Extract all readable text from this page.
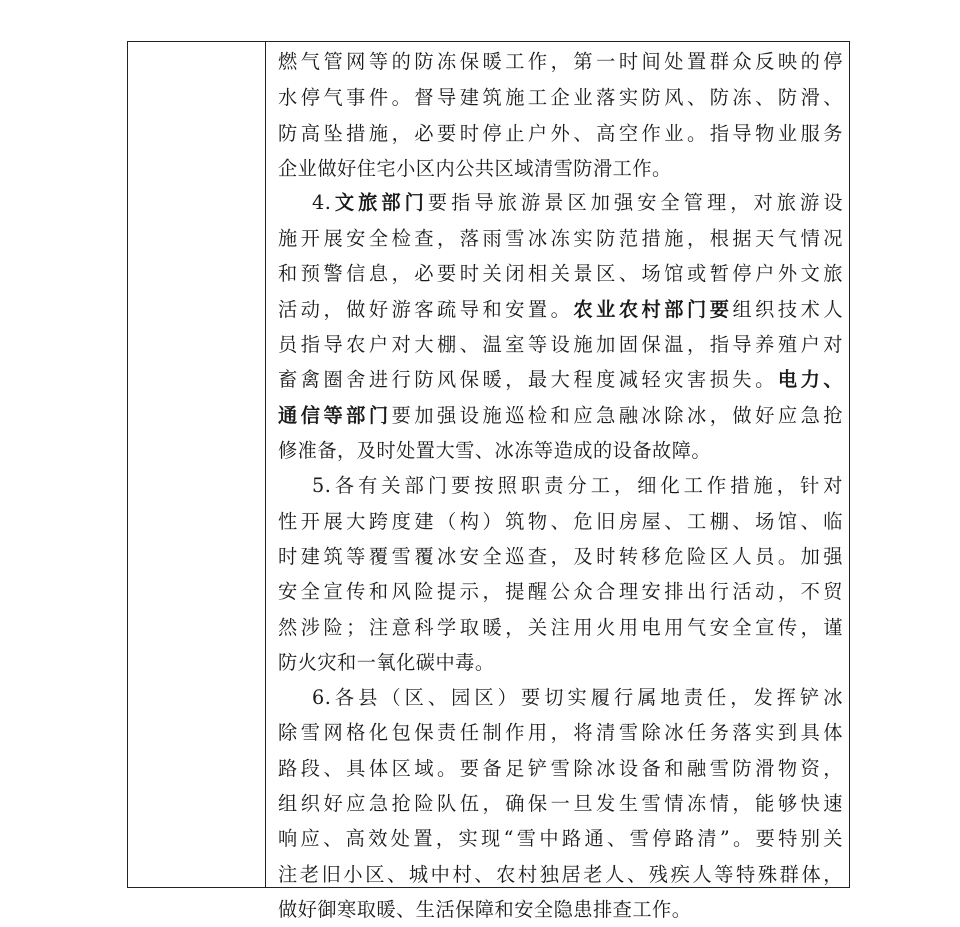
燃气管网等的防冻保暖工作，第一时间处置群众反映的停
水停气事件。督导建筑施工企业落实防风、防冻、防滑、
防高坠措施，必要时停止户外、高空作业。指导物业服务
企业做好住宅小区内公共区域清雪防滑工作。
4.文旅部门要指导旅游景区加强安全管理，对旅游设
施开展安全检查，落雨雪冰冻实防范措施，根据天气情况
和预警信息，必要时关闭相关景区、场馆或暂停户外文旅
活动，做好游客疏导和安置。农业农村部门要组织技术人
员指导农户对大棚、温室等设施加固保温，指导养殖户对
畜禽圈舍进行防风保暖，最大程度减轻灾害损失。电力、
通信等部门要加强设施巡检和应急融冰除冰，做好应急抢
修准备，及时处置大雪、冰冻等造成的设备故障。
5.各有关部门要按照职责分工，细化工作措施，针对
性开展大跨度建（构）筑物、危旧房屋、工棚、场馆、临
时建筑等覆雪覆冰安全巡查，及时转移危险区人员。加强
安全宣传和风险提示，提醒公众合理安排出行活动，不贸
然涉险；注意科学取暖，关注用火用电用气安全宣传，谨
防火灾和一氧化碳中毒。
6.各县（区、园区）要切实履行属地责任，发挥铲冰
除雪网格化包保责任制作用，将清雪除冰任务落实到具体
路段、具体区域。要备足铲雪除冰设备和融雪防滑物资，
组织好应急抢险队伍，确保一旦发生雪情冻情，能够快速
响应、高效处置，实现“雪中路通、雪停路清”。要特别关
注老旧小区、城中村、农村独居老人、残疾人等特殊群体，
做好御寒取暖、生活保障和安全隐患排查工作。
